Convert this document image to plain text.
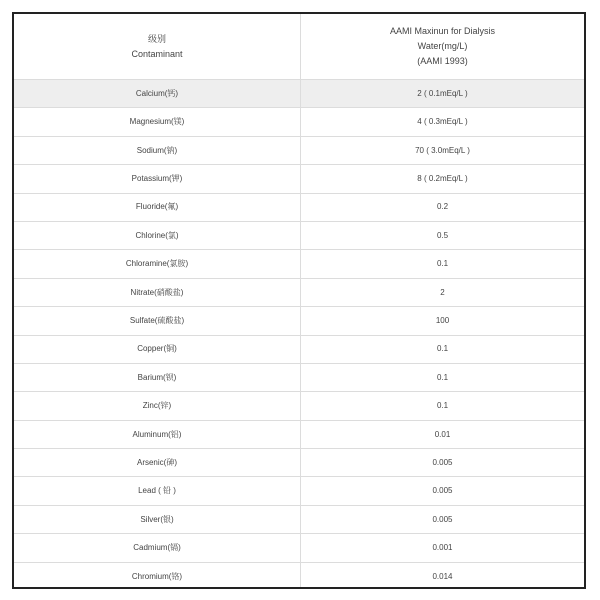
级别
Contaminant	AAMI Maxinun for Dialysis
Water(mg/L)
(AAMI 1993)

Calcium(钙)	2 ( 0.1mEq/L )
Magnesium(镁)	4 ( 0.3mEq/L )
Sodium(钠)	70 ( 3.0mEq/L )
Potassium(钾)	8 ( 0.2mEq/L )
Fluoride(氟)	0.2
Chlorine(氯)	0.5
Chloramine(氯胺)	0.1
Nitrate(硝酸盐)	2
Sulfate(硫酸盐)	100
Copper(铜)	0.1
Barium(钡)	0.1
Zinc(锌)	0.1
Aluminum(铝)	0.01
Arsenic(砷)	0.005
Lead ( 铅 )	0.005
Silver(银)	0.005
Cadmium(镉)	0.001
Chromium(铬)	0.014
